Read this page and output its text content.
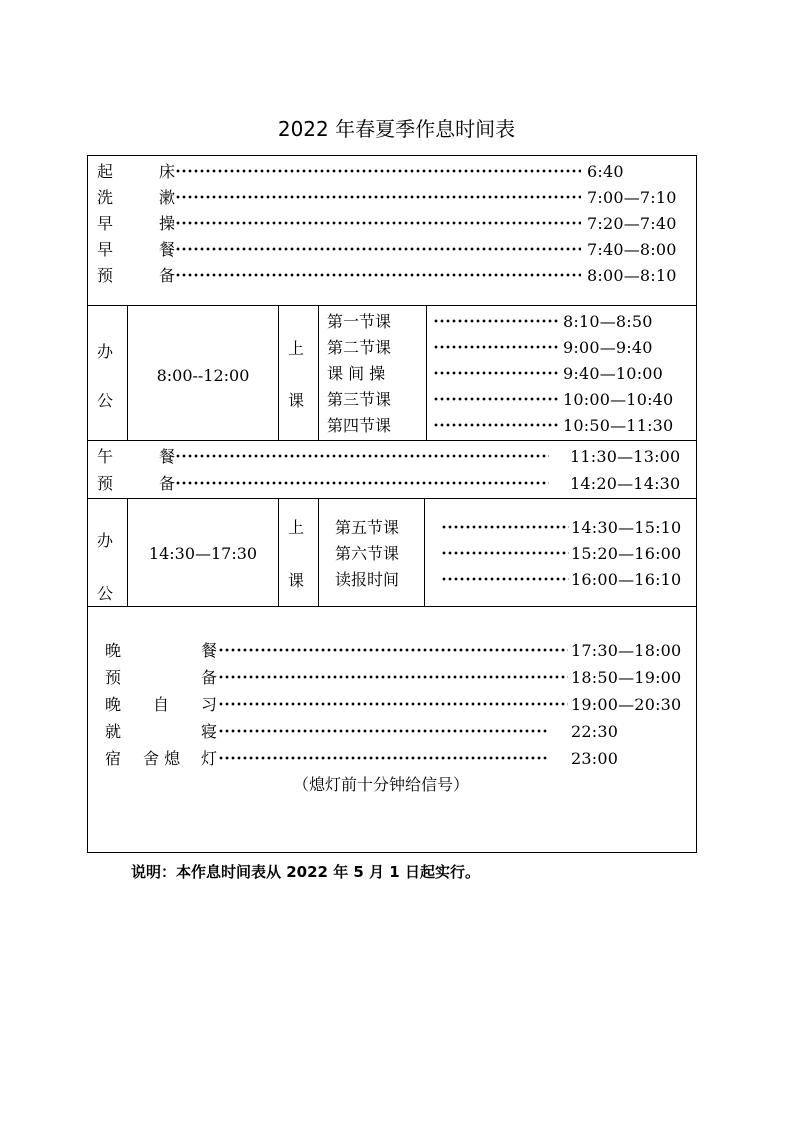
2022 年春夏季作息时间表
起	床	6:40
洗	漱	7:00—7:10
早	操	7:20—7:40
早	餐	7:40—8:00
预	备	8:00—8:10
办
公
8:00--12:00
上
课
第一节课	8:10—8:50
第二节课	9:00—9:40
课 间 操	9:40—10:00
第三节课	10:00—10:40
第四节课	10:50—11:30
午	餐	11:30—13:00
预	备	14:20—14:30
办
公
14:30—17:30
上
课
第五节课	14:30—15:10
第六节课	15:20—16:00
读报时间	16:00—16:10
晚	餐	17:30—18:00
预	备	18:50—19:00
晚 自 习	19:00—20:30
就	寝	22:30
宿 舍 熄 灯	23:00
（熄灯前十分钟给信号）
说明：本作息时间表从 2022 年 5 月 1 日起实行。
